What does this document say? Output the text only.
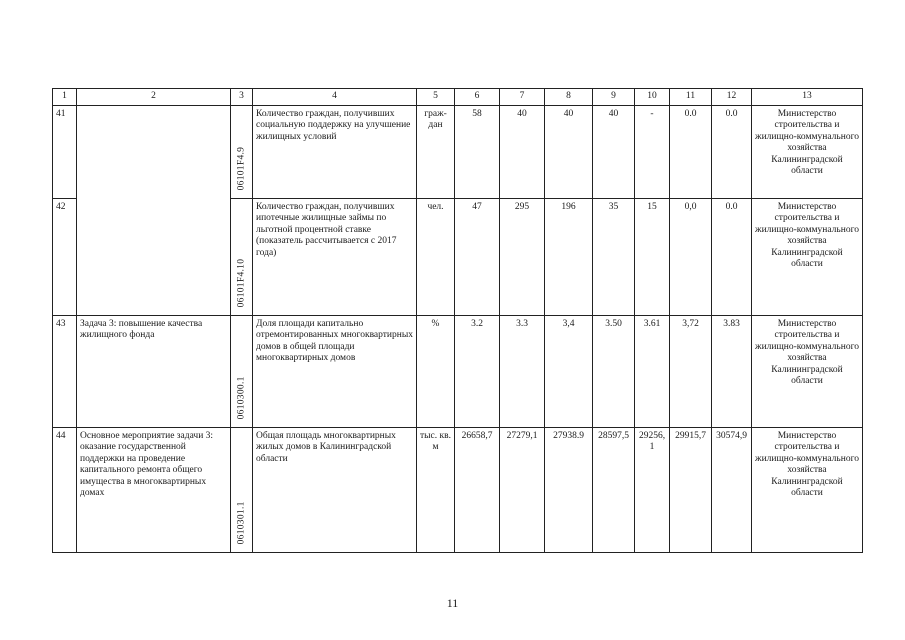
1	2	3	4	5	6	7	8	9	10	11	12	13
41		06101F4.9	Количество граждан, получивших социальную поддержку на улучшение жилищных условий	граж-дан	58	40	40	40	-	0.0	0.0	Министерство строительства и жилищно-коммунального хозяйства Калининградской области
42		06101F4.10	Количество граждан, получивших ипотечные жилищные займы по льготной процентной ставке (показатель рассчитывается с 2017 года)	чел.	47	295	196	35	15	0,0	0.0	Министерство строительства и жилищно-коммунального хозяйства Калининградской области
43	Задача 3: повышение качества жилищного фонда	0610300.1	Доля площади капитально отремонтированных многоквартирных домов в общей площади многоквартирных домов	%	3.2	3.3	3,4	3.50	3.61	3,72	3.83	Министерство строительства и жилищно-коммунального хозяйства Калининградской области
44	Основное мероприятие задачи 3: оказание государственной поддержки на проведение капитального ремонта общего имущества в многоквартирных домах	0610301.1	Общая площадь многоквартирных жилых домов в Калининградской области	тыс. кв. м	26658,7	27279,1	27938.9	28597,5	29256,1	29915,7	30574,9	Министерство строительства и жилищно-коммунального хозяйства Калининградской области
11
